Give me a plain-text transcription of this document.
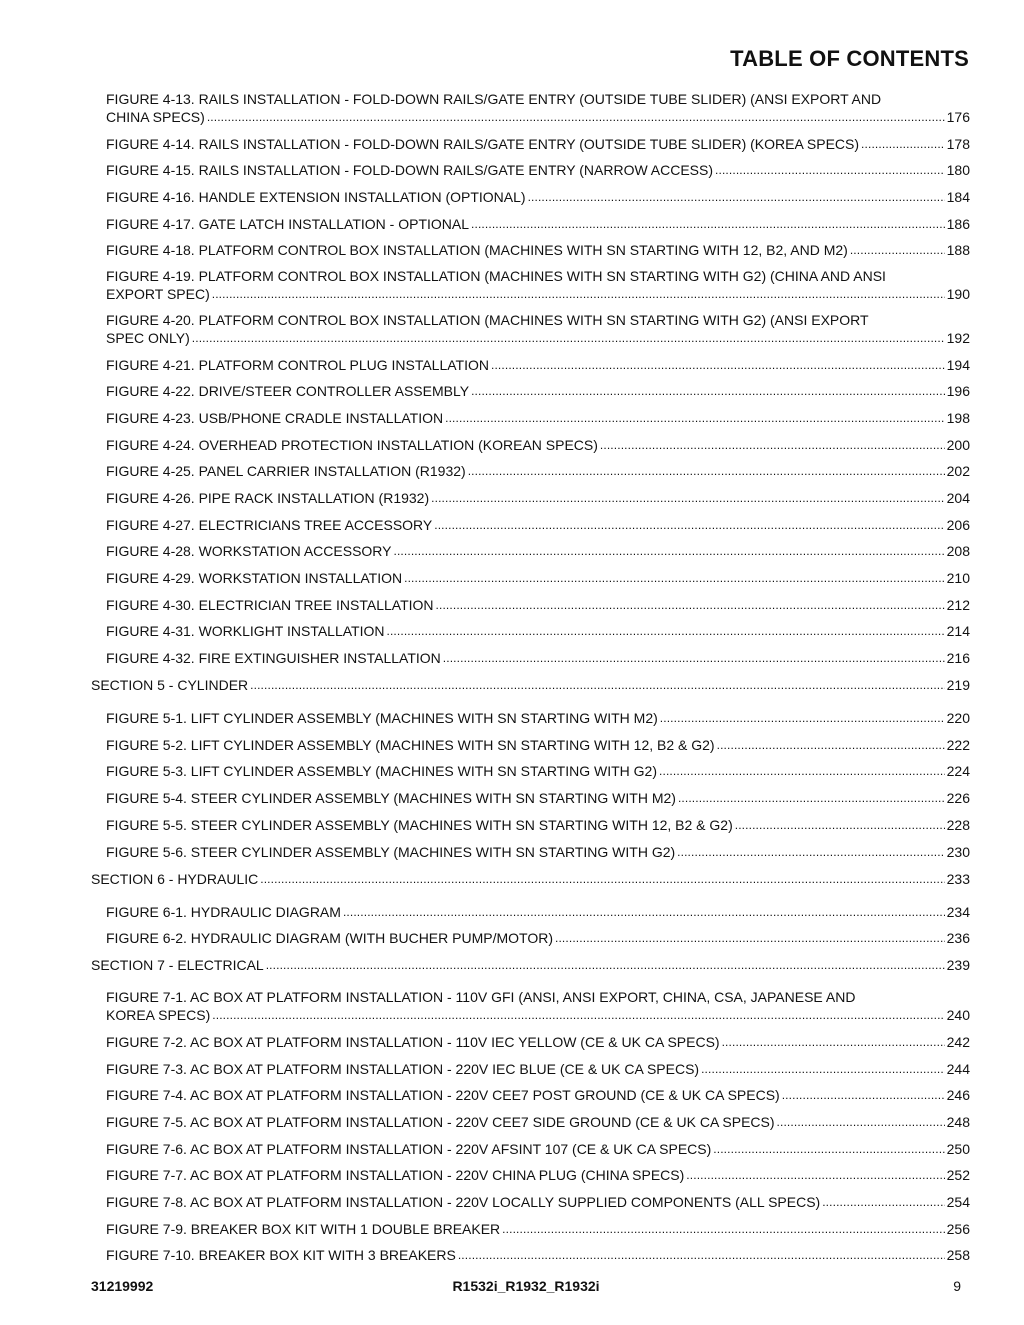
TABLE OF CONTENTS
FIGURE 4-13. RAILS INSTALLATION - FOLD-DOWN RAILS/GATE ENTRY (OUTSIDE TUBE SLIDER) (ANSI EXPORT AND
CHINA SPECS) . . .	176
FIGURE 4-14. RAILS INSTALLATION - FOLD-DOWN RAILS/GATE ENTRY (OUTSIDE TUBE SLIDER) (KOREA SPECS) . . .	178
FIGURE 4-15. RAILS INSTALLATION - FOLD-DOWN RAILS/GATE ENTRY (NARROW ACCESS) . . .	180
FIGURE 4-16. HANDLE EXTENSION INSTALLATION (OPTIONAL) . . .	184
FIGURE 4-17. GATE LATCH INSTALLATION - OPTIONAL . . .	186
FIGURE 4-18. PLATFORM CONTROL BOX INSTALLATION (MACHINES WITH SN STARTING WITH 12, B2, AND M2) . . .	188
FIGURE 4-19. PLATFORM CONTROL BOX INSTALLATION (MACHINES WITH SN STARTING WITH G2) (CHINA AND ANSI
EXPORT SPEC) . . .	190
FIGURE 4-20. PLATFORM CONTROL BOX INSTALLATION (MACHINES WITH SN STARTING WITH G2) (ANSI EXPORT
SPEC ONLY) . . .	192
FIGURE 4-21. PLATFORM CONTROL PLUG INSTALLATION . . .	194
FIGURE 4-22. DRIVE/STEER CONTROLLER ASSEMBLY . . .	196
FIGURE 4-23. USB/PHONE CRADLE INSTALLATION . . .	198
FIGURE 4-24. OVERHEAD PROTECTION INSTALLATION (KOREAN SPECS) . . .	200
FIGURE 4-25. PANEL CARRIER INSTALLATION (R1932) . . .	202
FIGURE 4-26. PIPE RACK INSTALLATION (R1932) . . .	204
FIGURE 4-27. ELECTRICIANS TREE ACCESSORY . . .	206
FIGURE 4-28. WORKSTATION ACCESSORY . . .	208
FIGURE 4-29. WORKSTATION INSTALLATION . . .	210
FIGURE 4-30. ELECTRICIAN TREE INSTALLATION . . .	212
FIGURE 4-31. WORKLIGHT INSTALLATION . . .	214
FIGURE 4-32. FIRE EXTINGUISHER INSTALLATION . . .	216
SECTION 5 - CYLINDER . . .	219
FIGURE 5-1. LIFT CYLINDER ASSEMBLY (MACHINES WITH SN STARTING WITH M2) . . .	220
FIGURE 5-2. LIFT CYLINDER ASSEMBLY (MACHINES WITH SN STARTING WITH 12, B2 & G2) . . .	222
FIGURE 5-3. LIFT CYLINDER ASSEMBLY (MACHINES WITH SN STARTING WITH G2) . . .	224
FIGURE 5-4. STEER CYLINDER ASSEMBLY (MACHINES WITH SN STARTING WITH M2) . . .	226
FIGURE 5-5. STEER CYLINDER ASSEMBLY (MACHINES WITH SN STARTING WITH 12, B2 & G2) . . .	228
FIGURE 5-6. STEER CYLINDER ASSEMBLY (MACHINES WITH SN STARTING WITH G2) . . .	230
SECTION 6 - HYDRAULIC . . .	233
FIGURE 6-1. HYDRAULIC DIAGRAM . . .	234
FIGURE 6-2. HYDRAULIC DIAGRAM (WITH BUCHER PUMP/MOTOR) . . .	236
SECTION 7 - ELECTRICAL . . .	239
FIGURE 7-1. AC BOX AT PLATFORM INSTALLATION - 110V GFI (ANSI, ANSI EXPORT, CHINA, CSA, JAPANESE AND
KOREA SPECS) . . .	240
FIGURE 7-2. AC BOX AT PLATFORM INSTALLATION - 110V IEC YELLOW (CE & UK CA SPECS) . . .	242
FIGURE 7-3. AC BOX AT PLATFORM INSTALLATION - 220V IEC BLUE (CE & UK CA SPECS) . . .	244
FIGURE 7-4. AC BOX AT PLATFORM INSTALLATION - 220V CEE7 POST GROUND (CE & UK CA SPECS) . . .	246
FIGURE 7-5. AC BOX AT PLATFORM INSTALLATION - 220V CEE7 SIDE GROUND (CE & UK CA SPECS) . . .	248
FIGURE 7-6. AC BOX AT PLATFORM INSTALLATION - 220V AFSINT 107 (CE & UK CA SPECS) . . .	250
FIGURE 7-7. AC BOX AT PLATFORM INSTALLATION - 220V CHINA PLUG (CHINA SPECS) . . .	252
FIGURE 7-8. AC BOX AT PLATFORM INSTALLATION - 220V LOCALLY SUPPLIED COMPONENTS (ALL SPECS) . . .	254
FIGURE 7-9. BREAKER BOX KIT WITH 1 DOUBLE BREAKER . . .	256
FIGURE 7-10. BREAKER BOX KIT WITH 3 BREAKERS . . .	258
31219992	R1532i_R1932_R1932i	9
